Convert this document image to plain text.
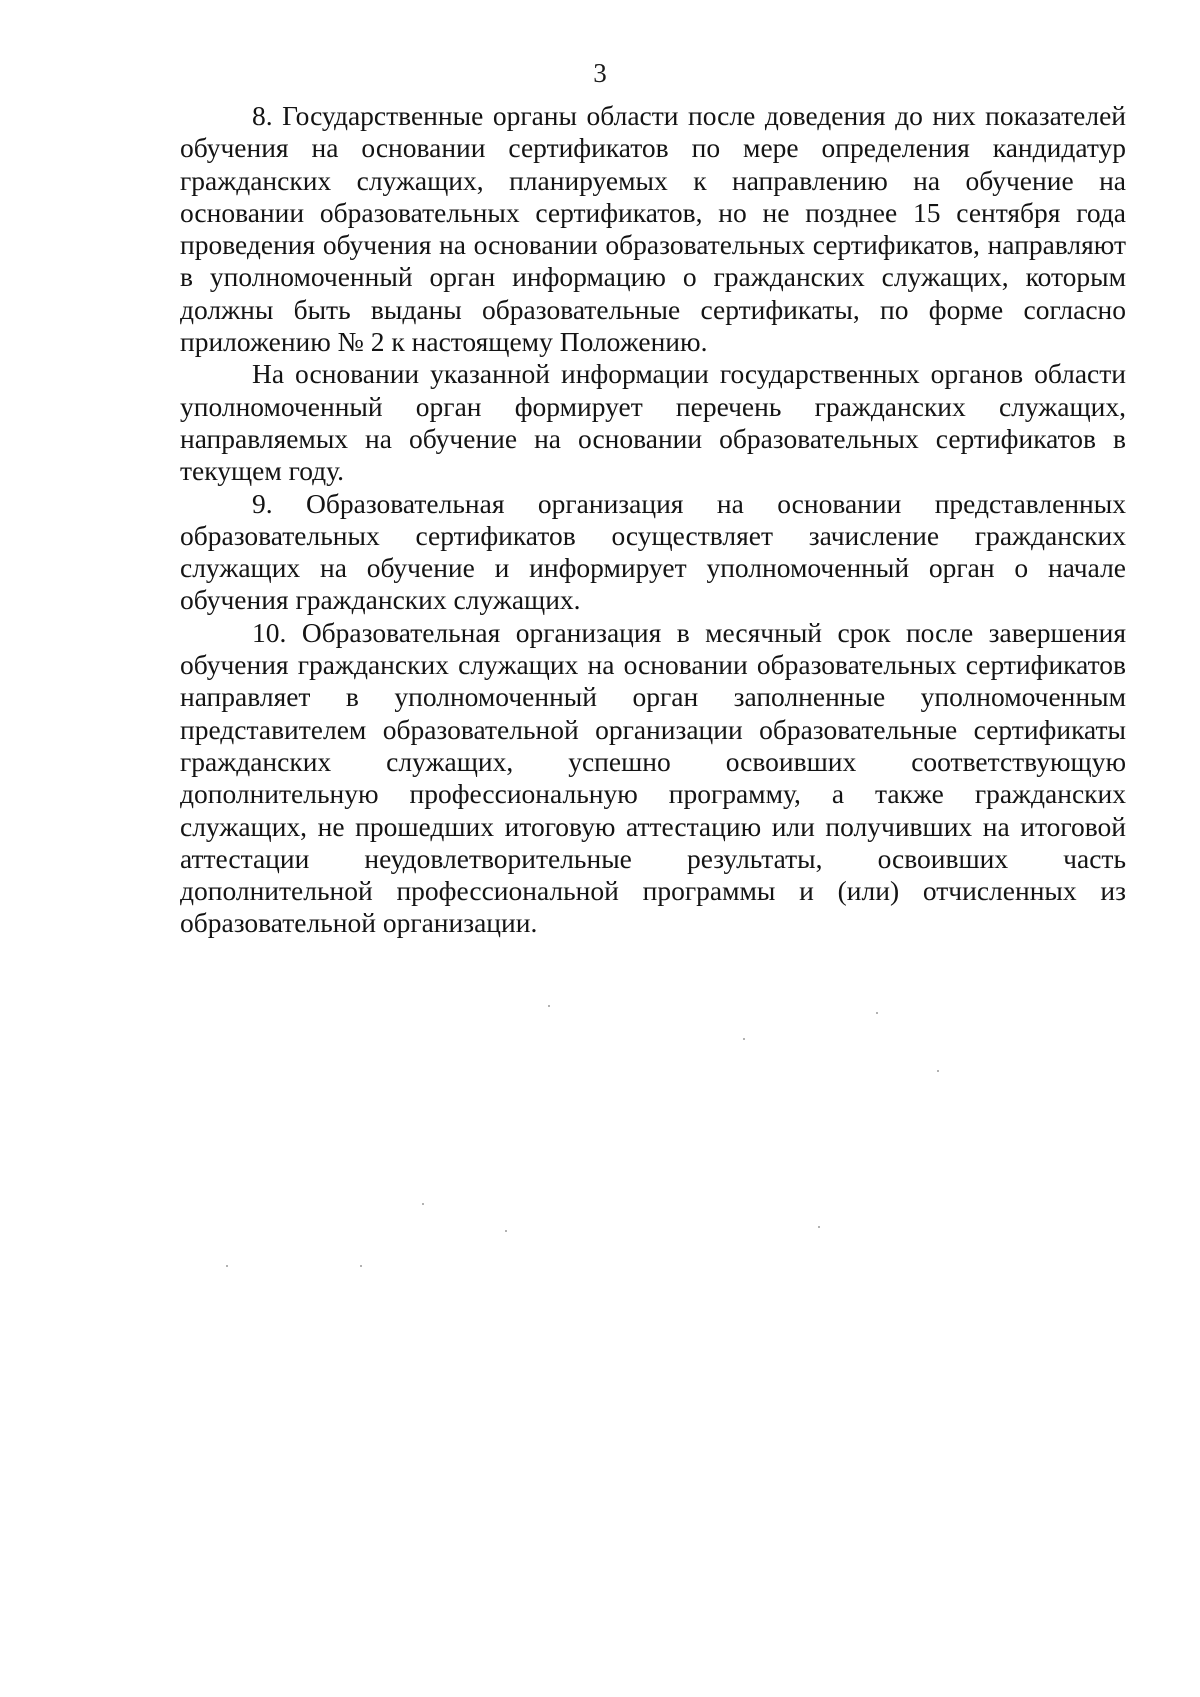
3

8. Государственные органы области после доведения до них показателей обучения на основании сертификатов по мере определения кандидатур гражданских служащих, планируемых к направлению на обучение на основании образовательных сертификатов, но не позднее 15 сентября года проведения обучения на основании образовательных сертификатов, направляют в уполномоченный орган информацию о гражданских служащих, которым должны быть выданы образовательные сертификаты, по форме согласно приложению № 2 к настоящему Положению.

На основании указанной информации государственных органов области уполномоченный орган формирует перечень гражданских служащих, направляемых на обучение на основании образовательных сертификатов в текущем году.

9. Образовательная организация на основании представленных образовательных сертификатов осуществляет зачисление гражданских служащих на обучение и информирует уполномоченный орган о начале обучения гражданских служащих.

10. Образовательная организация в месячный срок после завершения обучения гражданских служащих на основании образовательных сертификатов направляет в уполномоченный орган заполненные уполномоченным представителем образовательной организации образовательные сертификаты гражданских служащих, успешно освоивших соответствующую дополнительную профессиональную программу, а также гражданских служащих, не прошедших итоговую аттестацию или получивших на итоговой аттестации неудовлетворительные результаты, освоивших часть дополнительной профессиональной программы и (или) отчисленных из образовательной организации.
